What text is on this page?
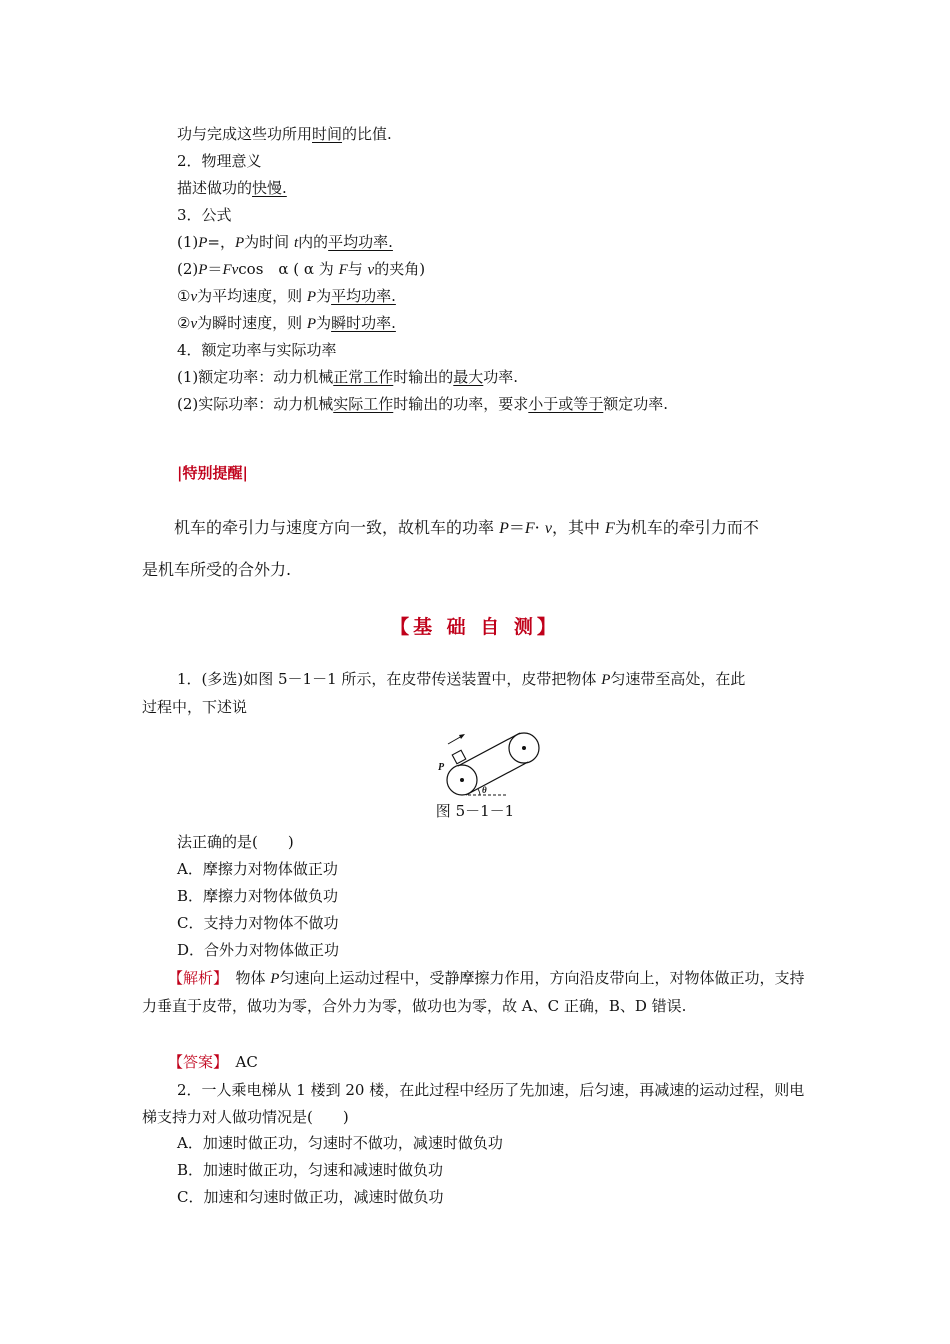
功与完成这些功所用时间的比值.
2．物理意义
描述做功的快慢.
3．公式
(1)P=，P为时间 t内的平均功率.
(2)P＝Fvcos　α ( α 为 F与 v的夹角)
①v为平均速度，则 P为平均功率.
②v为瞬时速度，则 P为瞬时功率.
4．额定功率与实际功率
(1)额定功率：动力机械正常工作时输出的最大功率.
(2)实际功率：动力机械实际工作时输出的功率，要求小于或等于额定功率.
|特别提醒|
机车的牵引力与速度方向一致，故机车的功率 P＝F· v，其中 F为机车的牵引力而不
是机车所受的合外力.
【基 础 自 测】
1．(多选)如图 5－1－1 所示，在皮带传送装置中，皮带把物体 P匀速带至高处，在此
过程中，下述说
P
θ
图 5－1－1
法正确的是(　　)
A．摩擦力对物体做正功
B．摩擦力对物体做负功
C．支持力对物体不做功
D．合外力对物体做正功
【解析】　物体 P匀速向上运动过程中，受静摩擦力作用，方向沿皮带向上，对物体做正功，支持力垂直于皮带，做功为零，合外力为零，做功也为零，故 A、C 正确，B、D 错误.
【答案】　AC
2．一人乘电梯从 1 楼到 20 楼，在此过程中经历了先加速，后匀速，再减速的运动过程，则电梯支持力对人做功情况是(　　)
A．加速时做正功，匀速时不做功，减速时做负功
B．加速时做正功，匀速和减速时做负功
C．加速和匀速时做正功，减速时做负功
